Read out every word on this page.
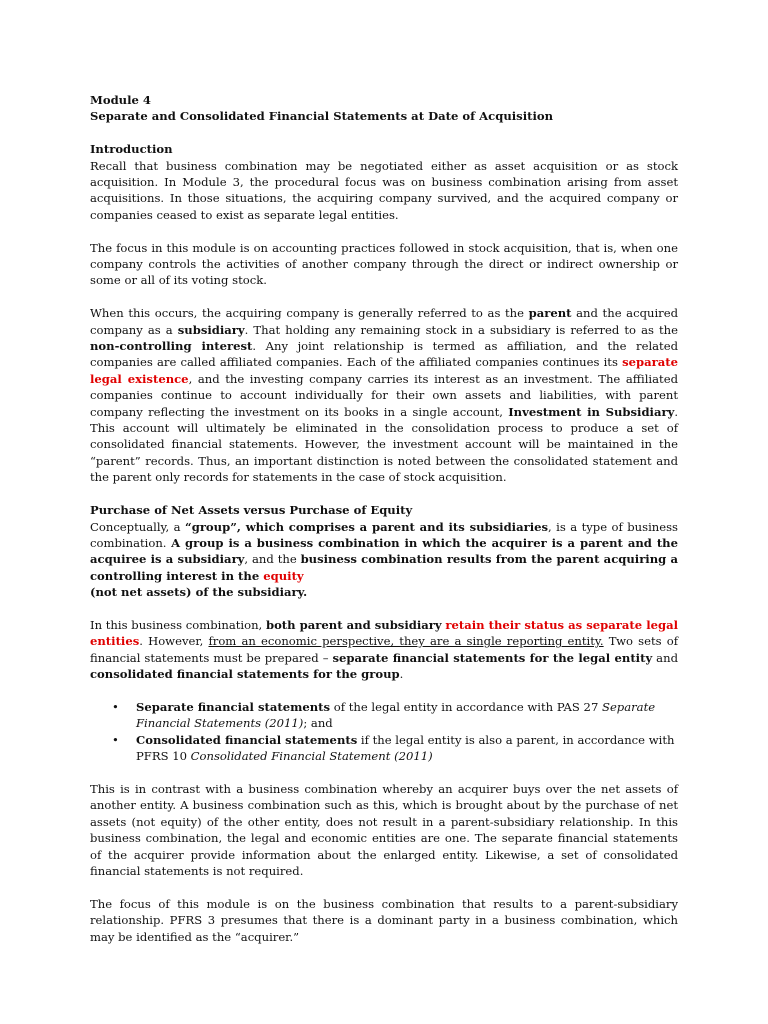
Module 4

Separate and Consolidated Financial Statements at Date of Acquisition

Introduction

Recall that business combination may be negotiated either as asset acquisition or as stock acquisition. In Module 3, the procedural focus was on business combination arising from asset acquisitions. In those situations, the acquiring company survived, and the acquired company or companies ceased to exist as separate legal entities.

The focus in this module is on accounting practices followed in stock acquisition, that is, when one company controls the activities of another company through the direct or indirect ownership or some or all of its voting stock.

When this occurs, the acquiring company is generally referred to as the parent and the acquired company as a subsidiary. That holding any remaining stock in a subsidiary is referred to as the non-controlling interest. Any joint relationship is termed as affiliation, and the related companies are called affiliated companies. Each of the affiliated companies continues its separate legal existence, and the investing company carries its interest as an investment. The affiliated companies continue to account individually for their own assets and liabilities, with parent company reflecting the investment on its books in a single account, Investment in Subsidiary. This account will ultimately be eliminated in the consolidation process to produce a set of consolidated financial statements. However, the investment account will be maintained in the “parent” records. Thus, an important distinction is noted between the consolidated statement and the parent only records for statements in the case of stock acquisition.

Purchase of Net Assets versus Purchase of Equity

Conceptually, a “group”, which comprises a parent and its subsidiaries, is a type of business combination. A group is a business combination in which the acquirer is a parent and the acquiree is a subsidiary, and the business combination results from the parent acquiring a controlling interest in the equity
(not net assets) of the subsidiary.

In this business combination, both parent and subsidiary retain their status as separate legal entities. However, from an economic perspective, they are a single reporting entity. Two sets of financial statements must be prepared – separate financial statements for the legal entity and consolidated financial statements for the group.

• Separate financial statements of the legal entity in accordance with PAS 27 Separate Financial Statements (2011); and
• Consolidated financial statements if the legal entity is also a parent, in accordance with PFRS 10 Consolidated Financial Statement (2011)

This is in contrast with a business combination whereby an acquirer buys over the net assets of another entity. A business combination such as this, which is brought about by the purchase of net assets (not equity) of the other entity, does not result in a parent-subsidiary relationship. In this business combination, the legal and economic entities are one. The separate financial statements of the acquirer provide information about the enlarged entity. Likewise, a set of consolidated financial statements is not required.

The focus of this module is on the business combination that results to a parent-subsidiary relationship. PFRS 3 presumes that there is a dominant party in a business combination, which may be identified as the “acquirer.”
